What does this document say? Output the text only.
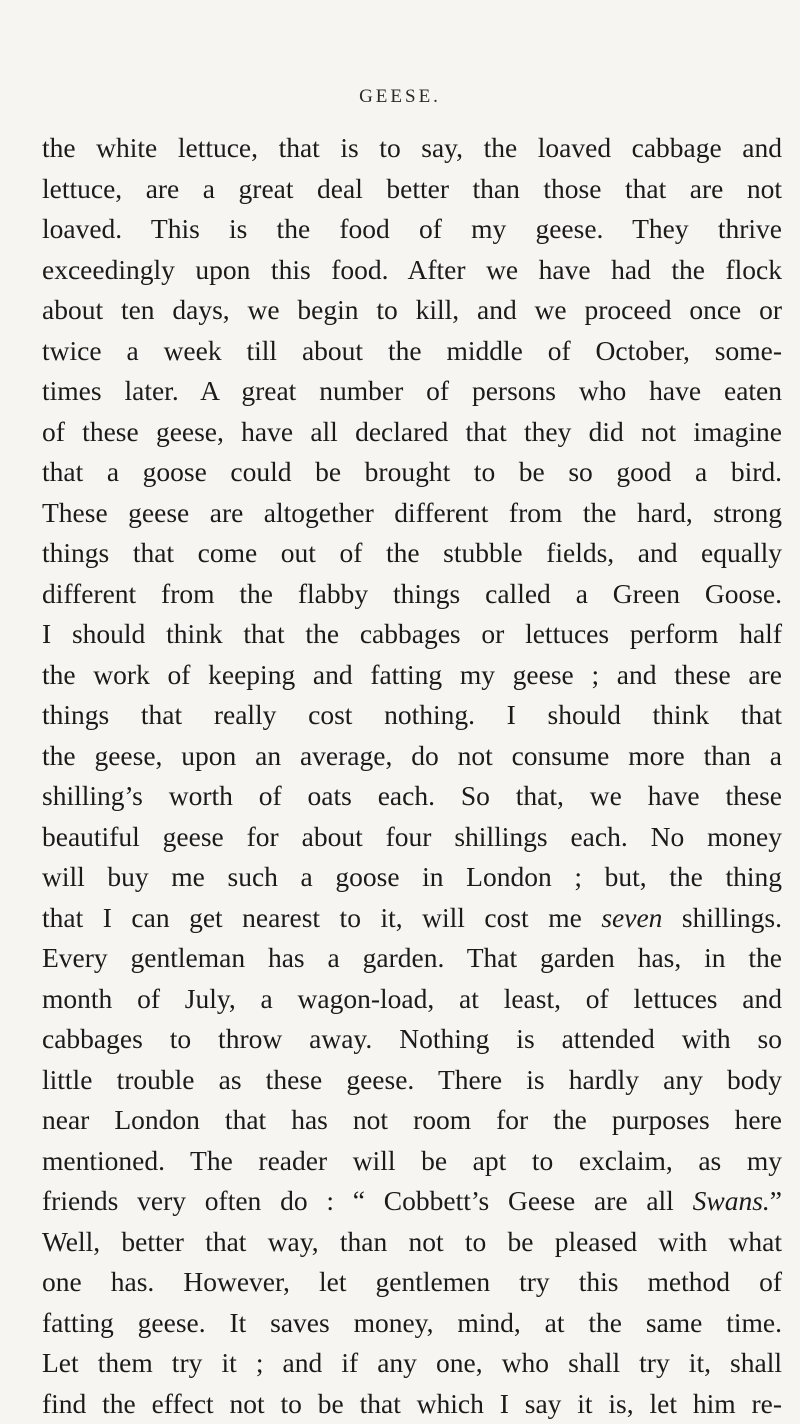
GEESE.
the white lettuce, that is to say, the loaved cabbage and
lettuce, are a great deal better than those that are not
loaved. This is the food of my geese. They thrive
exceedingly upon this food. After we have had the flock
about ten days, we begin to kill, and we proceed once or
twice a week till about the middle of October, some-
times later. A great number of persons who have eaten
of these geese, have all declared that they did not imagine
that a goose could be brought to be so good a bird.
These geese are altogether different from the hard, strong
things that come out of the stubble fields, and equally
different from the flabby things called a Green Goose.
I should think that the cabbages or lettuces perform half
the work of keeping and fatting my geese ; and these are
things that really cost nothing. I should think that
the geese, upon an average, do not consume more than a
shilling’s worth of oats each. So that, we have these
beautiful geese for about four shillings each. No money
will buy me such a goose in London ; but, the thing
that I can get nearest to it, will cost me seven shillings.
Every gentleman has a garden. That garden has, in the
month of July, a wagon-load, at least, of lettuces and
cabbages to throw away. Nothing is attended with so
little trouble as these geese. There is hardly any body
near London that has not room for the purposes here
mentioned. The reader will be apt to exclaim, as my
friends very often do : “ Cobbett’s Geese are all Swans.”
Well, better that way, than not to be pleased with what
one has. However, let gentlemen try this method of
fatting geese. It saves money, mind, at the same time.
Let them try it ; and if any one, who shall try it, shall
find the effect not to be that which I say it is, let him re-
